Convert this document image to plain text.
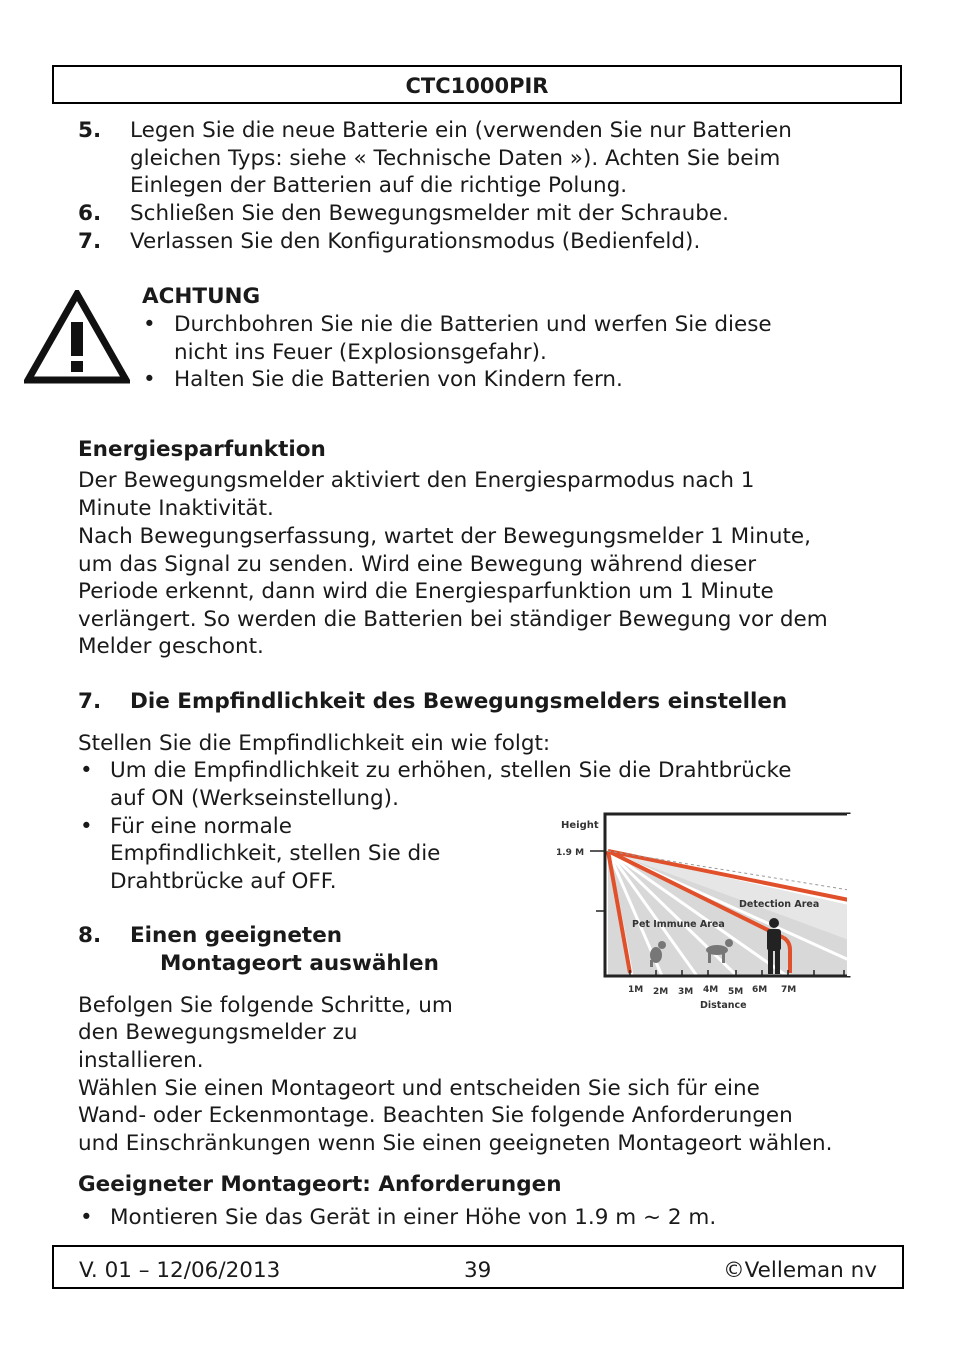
CTC1000PIR
5. Legen Sie die neue Batterie ein (verwenden Sie nur Batterien
gleichen Typs: siehe « Technische Daten »). Achten Sie beim
Einlegen der Batterien auf die richtige Polung.
6. Schließen Sie den Bewegungsmelder mit der Schraube.
7. Verlassen Sie den Konfigurationsmodus (Bedienfeld).
ACHTUNG
•
Durchbohren Sie nie die Batterien und werfen Sie diese
nicht ins Feuer (Explosionsgefahr).
•
Halten Sie die Batterien von Kindern fern.
Energiesparfunktion
Der Bewegungsmelder aktiviert den Energiesparmodus nach 1
Minute Inaktivität.
Nach Bewegungserfassung, wartet der Bewegungsmelder 1 Minute,
um das Signal zu senden. Wird eine Bewegung während dieser
Periode erkennt, dann wird die Energiesparfunktion um 1 Minute
verlängert. So werden die Batterien bei ständiger Bewegung vor dem
Melder geschont.
7. Die Empfindlichkeit des Bewegungsmelders einstellen
Stellen Sie die Empfindlichkeit ein wie folgt:
•
Um die Empfindlichkeit zu erhöhen, stellen Sie die Drahtbrücke
auf ON (Werkseinstellung).
•
Für eine normale
Empfindlichkeit, stellen Sie die
Drahtbrücke auf OFF.
Height
1.9 M
Detection Area
Pet Immune Area
1M 2M 3M 4M 5M 6M 7M
Distance
8. Einen geeigneten
Montageort auswählen
Befolgen Sie folgende Schritte, um
den Bewegungsmelder zu
installieren.
Wählen Sie einen Montageort und entscheiden Sie sich für eine
Wand- oder Eckenmontage. Beachten Sie folgende Anforderungen
und Einschränkungen wenn Sie einen geeigneten Montageort wählen.
Geeigneter Montageort: Anforderungen
•
Montieren Sie das Gerät in einer Höhe von 1.9 m ~ 2 m.
V. 01 – 12/06/2013	39	©Velleman nv
